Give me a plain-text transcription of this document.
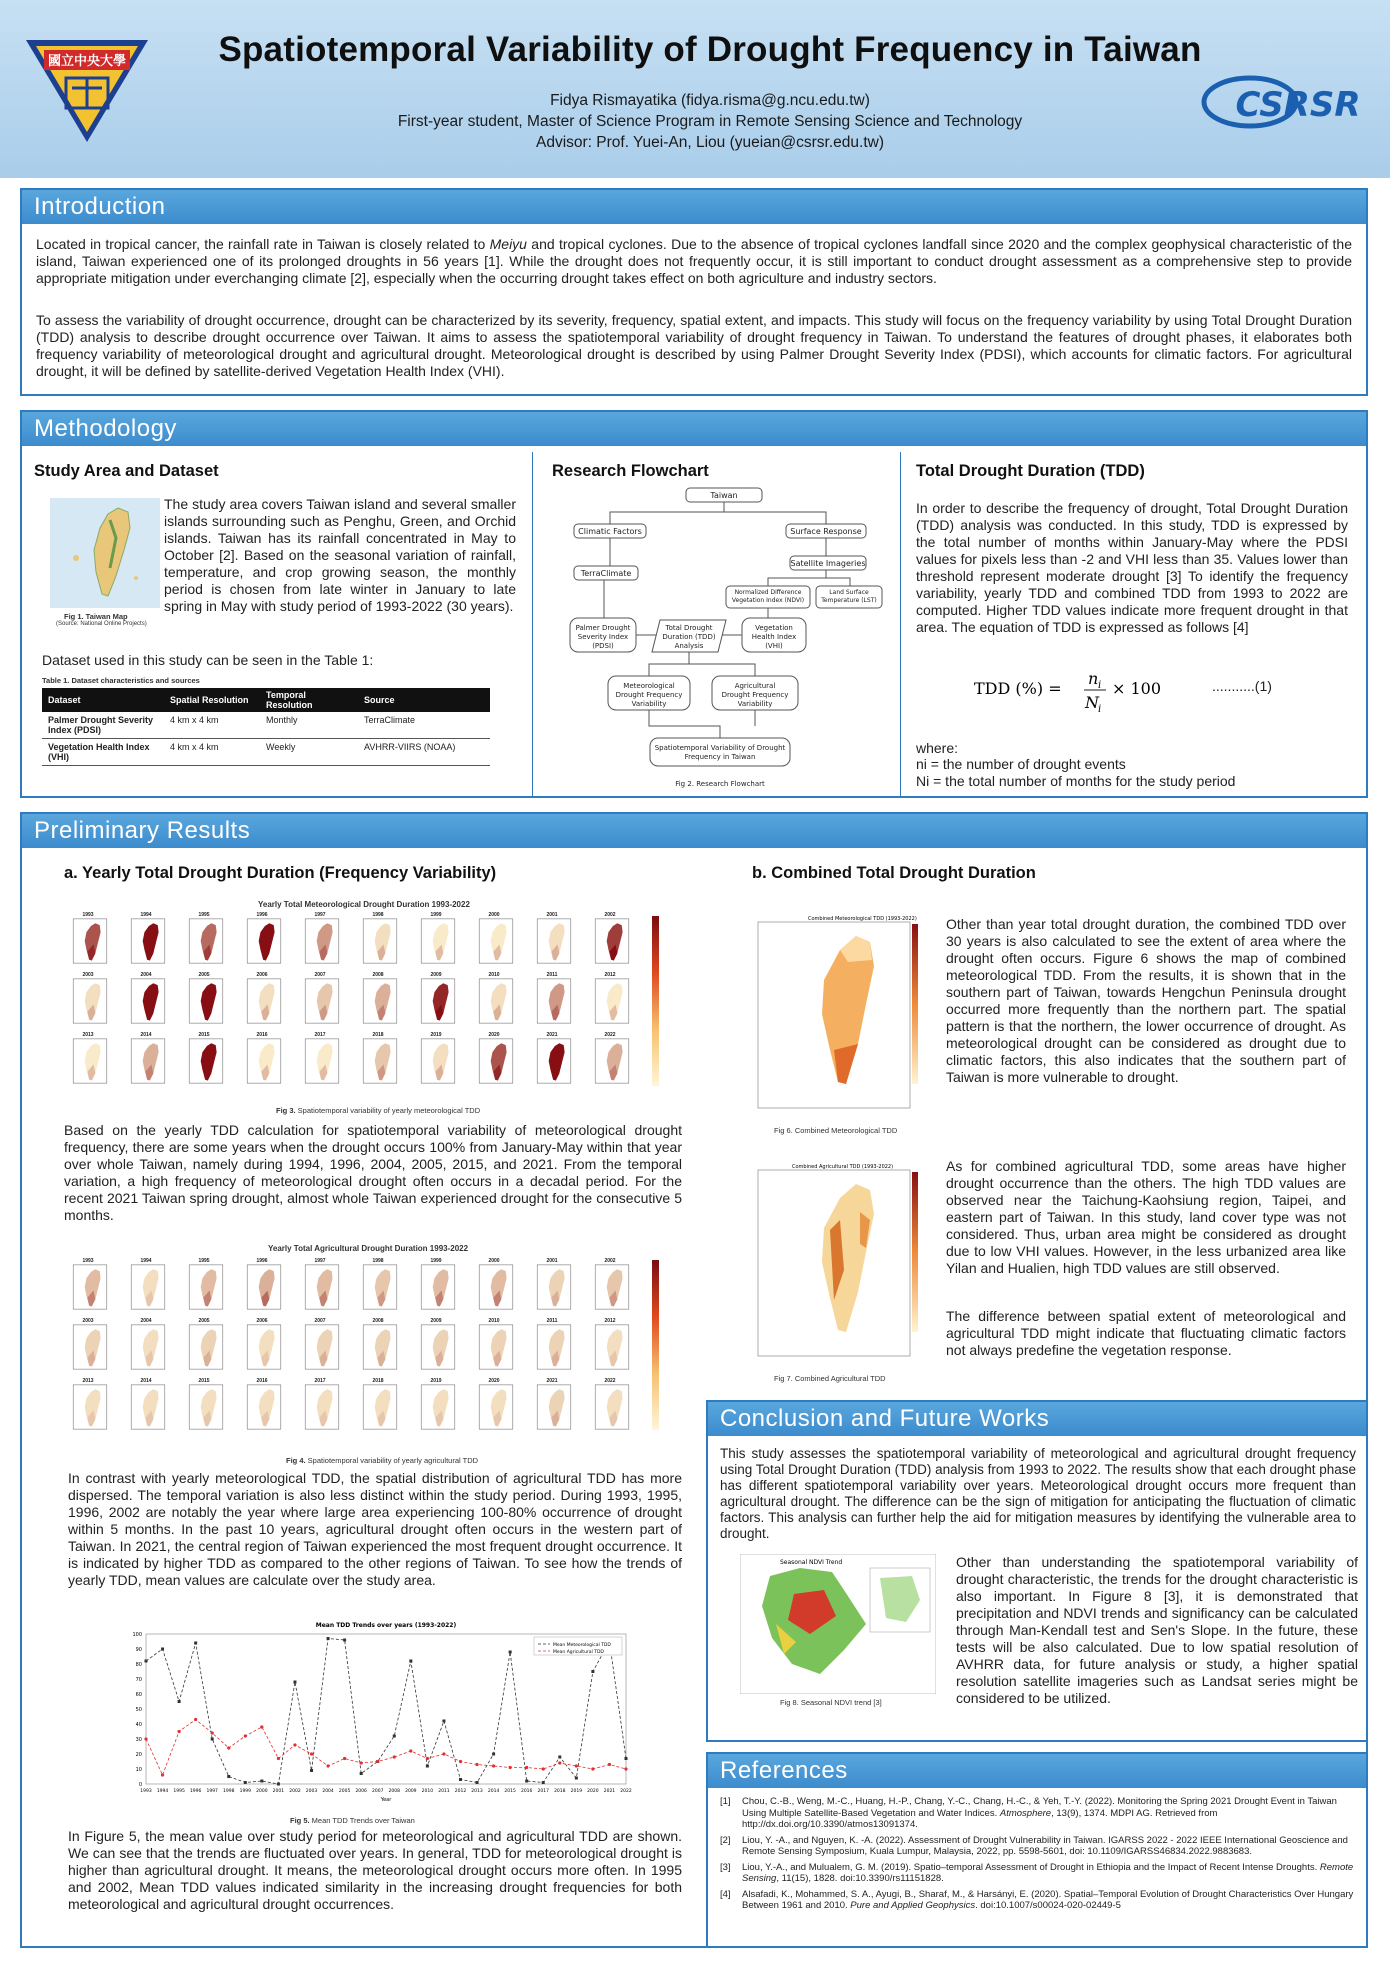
國立中央大學	Spatiotemporal Variability of Drought Frequency in Taiwan
Fidya Rismayatika (fidya.risma@g.ncu.edu.tw)
First-year student, Master of Science Program in Remote Sensing Science and Technology
Advisor: Prof. Yuei-An, Liou (yueian@csrsr.edu.tw)
CSRSR
Introduction
Located in tropical cancer, the rainfall rate in Taiwan is closely related to Meiyu and tropical cyclones. Due to the absence of tropical cyclones landfall since 2020 and the complex geophysical characteristic of the island, Taiwan experienced one of its prolonged droughts in 56 years [1]. While the drought does not frequently occur, it is still important to conduct drought assessment as a comprehensive step to provide appropriate mitigation under everchanging climate [2], especially when the occurring drought takes effect on both agriculture and industry sectors.
To assess the variability of drought occurrence, drought can be characterized by its severity, frequency, spatial extent, and impacts. This study will focus on the frequency variability by using Total Drought Duration (TDD) analysis to describe drought occurrence over Taiwan. It aims to assess the spatiotemporal variability of drought frequency in Taiwan. To understand the features of drought phases, it elaborates both frequency variability of meteorological drought and agricultural drought. Meteorological drought is described by using Palmer Drought Severity Index (PDSI), which accounts for climatic factors. For agricultural drought, it will be defined by satellite-derived Vegetation Health Index (VHI).
Methodology
Study Area and Dataset
Fig 1. Taiwan Map
(Source: National Online Projects)
The study area covers Taiwan island and several smaller islands surrounding such as Penghu, Green, and Orchid islands. Taiwan has its rainfall concentrated in May to October [2]. Based on the seasonal variation of rainfall, temperature, and crop growing season, the monthly period is chosen from late winter in January to late spring in May with study period of 1993-2022 (30 years).
Dataset used in this study can be seen in the Table 1:
Table 1. Dataset characteristics and sources
Dataset	Spatial Resolution	Temporal Resolution	Source
Palmer Drought Severity Index (PDSI)	4 km x 4 km	Monthly	TerraClimate
Vegetation Health Index (VHI)	4 km x 4 km	Weekly	AVHRR-VIIRS (NOAA)
Research Flowchart
Taiwan
Climatic Factors	Surface Response
TerraClimate
Satellite Imageries
Normalized Difference Vegetation Index (NDVI)
Land Surface Temperature (LST)
Palmer Drought Severity Index (PDSI)
Total Drought Duration (TDD) Analysis
Vegetation Health Index (VHI)
Meteorological Drought Frequency Variability
Agricultural Drought Frequency Variability
Spatiotemporal Variability of Drought Frequency in Taiwan
Fig 2. Research Flowchart
Total Drought Duration (TDD)
In order to describe the frequency of drought, Total Drought Duration (TDD) analysis was conducted. In this study, TDD is expressed by the total number of months within January-May where the PDSI values for pixels less than -2 and VHI less than 35. Values lower than threshold represent moderate drought [3] To identify the frequency variability, yearly TDD and combined TDD from 1993 to 2022 are computed. Higher TDD values indicate more frequent drought in that area. The equation of TDD is expressed as follows [4]
TDD (%) =
n i
N i
× 100	...........(1)
where:
ni = the number of drought events
Ni = the total number of months for the study period
Preliminary Results
a. Yearly Total Drought Duration (Frequency Variability)	b. Combined Total Drought Duration
Yearly Total Meteorological Drought Duration 1993-2022
1993	1994	1995	1996	1997	1998	1999	2000	2001	2002
2003	2004	2005	2006	2007	2008	2009	2010	2011	2012
2013	2014	2015	2016	2017	2018	2019	2020	2021	2022
Fig 3. Spatiotemporal variability of yearly meteorological TDD
Based on the yearly TDD calculation for spatiotemporal variability of meteorological drought frequency, there are some years when the drought occurs 100% from January-May within that year over whole Taiwan, namely during 1994, 1996, 2004, 2005, 2015, and 2021. From the temporal variation, a high frequency of meteorological drought often occurs in a decadal period. For the recent 2021 Taiwan spring drought, almost whole Taiwan experienced drought for the consecutive 5 months.
Yearly Total Agricultural Drought Duration 1993-2022
1993	1994	1995	1996	1997	1998	1999	2000	2001	2002
2003	2004	2005	2006	2007	2008	2009	2010	2011	2012
2013	2014	2015	2016	2017	2018	2019	2020	2021	2022
Fig 4. Spatiotemporal variability of yearly agricultural TDD
In contrast with yearly meteorological TDD, the spatial distribution of agricultural TDD has more dispersed. The temporal variation is also less distinct within the study period. During 1993, 1995, 1996, 2002 are notably the year where large area experiencing 100-80% occurrence of drought within 5 months. In the past 10 years, agricultural drought often occurs in the western part of Taiwan. In 2021, the central region of Taiwan experienced the most frequent drought occurrence. It is indicated by higher TDD as compared to the other regions of Taiwan. To see how the trends of yearly TDD, mean values are calculate over the study area.
Mean TDD Trends over years (1993-2022)
0
10
20
30
40
50
60
70
80
90
100
1993 1994 1995 1996 1997 1998 1999 2000 2001 2002 2003 2004 2005 2006 2007 2008 2009 2010 2011 2012 2013 2014 2015 2016 2017 2018 2019 2020 2021 2022
Year
Mean Meteorological TDD
Mean Agricultural TDD
Fig 5. Mean TDD Trends over Taiwan
In Figure 5, the mean value over study period for meteorological and agricultural TDD are shown. We can see that the trends are fluctuated over years. In general, TDD for meteorological drought is higher than agricultural drought. It means, the meteorological drought occurs more often. In 1995 and 2002, Mean TDD values indicated similarity in the increasing drought frequencies for both meteorological and agricultural drought occurrences.
Combined Meteorological TDD (1993-2022)
Fig 6. Combined Meteorological TDD
Other than year total drought duration, the combined TDD over 30 years is also calculated to see the extent of area where the drought often occurs. Figure 6 shows the map of combined meteorological TDD. From the results, it is shown that in the southern part of Taiwan, towards Hengchun Peninsula drought occurred more frequently than the northern part. The spatial pattern is that the northern, the lower occurrence of drought. As meteorological drought can be considered as drought due to climatic factors, this also indicates that the southern part of Taiwan is more vulnerable to drought.
Combined Agricultural TDD (1993-2022)
Fig 7. Combined Agricultural TDD
As for combined agricultural TDD, some areas have higher drought occurrence than the others. The high TDD values are observed near the Taichung-Kaohsiung region, Taipei, and eastern part of Taiwan. In this study, land cover type was not considered. Thus, urban area might be considered as drought due to low VHI values. However, in the less urbanized area like Yilan and Hualien, high TDD values are still observed.
The difference between spatial extent of meteorological and agricultural TDD might indicate that fluctuating climatic factors not always predefine the vegetation response.
Conclusion and Future Works
This study assesses the spatiotemporal variability of meteorological and agricultural drought frequency using Total Drought Duration (TDD) analysis from 1993 to 2022. The results show that each drought phase has different spatiotemporal variability over years. Meteorological drought occurs more frequent than agricultural drought. The difference can be the sign of mitigation for anticipating the fluctuation of climatic factors. This analysis can further help the aid for mitigation measures by identifying the vulnerable area to drought.
Seasonal NDVI Trend
Fig 8. Seasonal NDVI trend [3]
Other than understanding the spatiotemporal variability of drought characteristic, the trends for the drought characteristic is also important. In Figure 8 [3], it is demonstrated that precipitation and NDVI trends and significancy can be calculated through Man-Kendall test and Sen's Slope. In the future, these tests will be also calculated. Due to low spatial resolution of AVHRR data, for future analysis or study, a higher spatial resolution satellite imageries such as Landsat series might be considered to be utilized.
References
[1]	Chou, C.-B., Weng, M.-C., Huang, H.-P., Chang, Y.-C., Chang, H.-C., & Yeh, T.-Y. (2022). Monitoring the Spring 2021 Drought Event in Taiwan Using Multiple Satellite-Based Vegetation and Water Indices. Atmosphere, 13(9), 1374. MDPI AG. Retrieved from http://dx.doi.org/10.3390/atmos13091374.
[2]	Liou, Y. -A., and Nguyen, K. -A. (2022). Assessment of Drought Vulnerability in Taiwan. IGARSS 2022 - 2022 IEEE International Geoscience and Remote Sensing Symposium, Kuala Lumpur, Malaysia, 2022, pp. 5598-5601, doi: 10.1109/IGARSS46834.2022.9883683.
[3]	Liou, Y.-A., and Mulualem, G. M. (2019). Spatio–temporal Assessment of Drought in Ethiopia and the Impact of Recent Intense Droughts. Remote Sensing, 11(15), 1828. doi:10.3390/rs11151828.
[4]	Alsafadi, K., Mohammed, S. A., Ayugi, B., Sharaf, M., & Harsányi, E. (2020). Spatial–Temporal Evolution of Drought Characteristics Over Hungary Between 1961 and 2010. Pure and Applied Geophysics. doi:10.1007/s00024-020-02449-5
